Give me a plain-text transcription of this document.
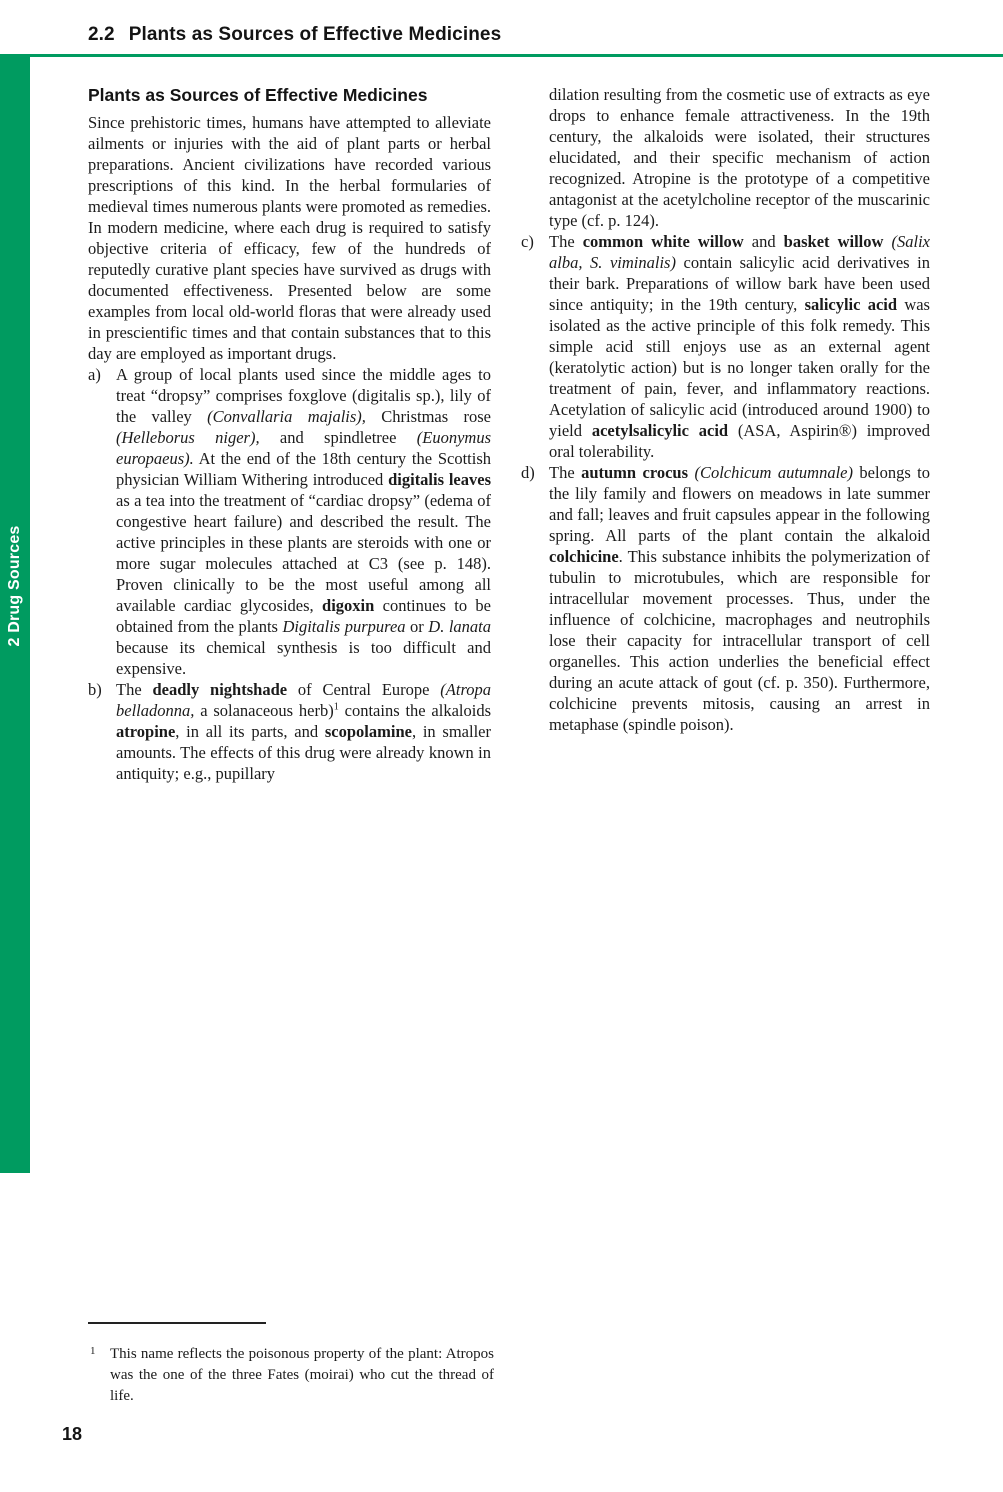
2.2 Plants as Sources of Effective Medicines
2 Drug Sources
Plants as Sources of Effective Medicines

Since prehistoric times, humans have attempted to alleviate ailments or injuries with the aid of plant parts or herbal preparations. Ancient civilizations have recorded various prescriptions of this kind. In the herbal formularies of medieval times numerous plants were promoted as remedies. In modern medicine, where each drug is required to satisfy objective criteria of efficacy, few of the hundreds of reputedly curative plant species have survived as drugs with documented effectiveness. Presented below are some examples from local old-world floras that were already used in prescientific times and that contain substances that to this day are employed as important drugs.

a) A group of local plants used since the middle ages to treat “dropsy” comprises foxglove (digitalis sp.), lily of the valley (Convallaria majalis), Christmas rose (Helleborus niger), and spindletree (Euonymus europaeus). At the end of the 18th century the Scottish physician William Withering introduced digitalis leaves as a tea into the treatment of “cardiac dropsy” (edema of congestive heart failure) and described the result. The active principles in these plants are steroids with one or more sugar molecules attached at C3 (see p. 148). Proven clinically to be the most useful among all available cardiac glycosides, digoxin continues to be obtained from the plants Digitalis purpurea or D. lanata because its chemical synthesis is too difficult and expensive.
b) The deadly nightshade of Central Europe (Atropa belladonna, a solanaceous herb)$^1$ contains the alkaloids atropine, in all its parts, and scopolamine, in smaller amounts. The effects of this drug were already known in antiquity; e.g., pupillary
dilation resulting from the cosmetic use of extracts as eye drops to enhance female attractiveness. In the 19th century, the alkaloids were isolated, their structures elucidated, and their specific mechanism of action recognized. Atropine is the prototype of a competitive antagonist at the acetylcholine receptor of the muscarinic type (cf. p. 124).
c) The common white willow and basket willow (Salix alba, S. viminalis) contain salicylic acid derivatives in their bark. Preparations of willow bark have been used since antiquity; in the 19th century, salicylic acid was isolated as the active principle of this folk remedy. This simple acid still enjoys use as an external agent (keratolytic action) but is no longer taken orally for the treatment of pain, fever, and inflammatory reactions. Acetylation of salicylic acid (introduced around 1900) to yield acetylsalicylic acid (ASA, Aspirin®) improved oral tolerability.
d) The autumn crocus (Colchicum autumnale) belongs to the lily family and flowers on meadows in late summer and fall; leaves and fruit capsules appear in the following spring. All parts of the plant contain the alkaloid colchicine. This substance inhibits the polymerization of tubulin to microtubules, which are responsible for intracellular movement processes. Thus, under the influence of colchicine, macrophages and neutrophils lose their capacity for intracellular transport of cell organelles. This action underlies the beneficial effect during an acute attack of gout (cf. p. 350). Furthermore, colchicine prevents mitosis, causing an arrest in metaphase (spindle poison).
1 This name reflects the poisonous property of the plant: Atropos was the one of the three Fates (moirai) who cut the thread of life.
18
